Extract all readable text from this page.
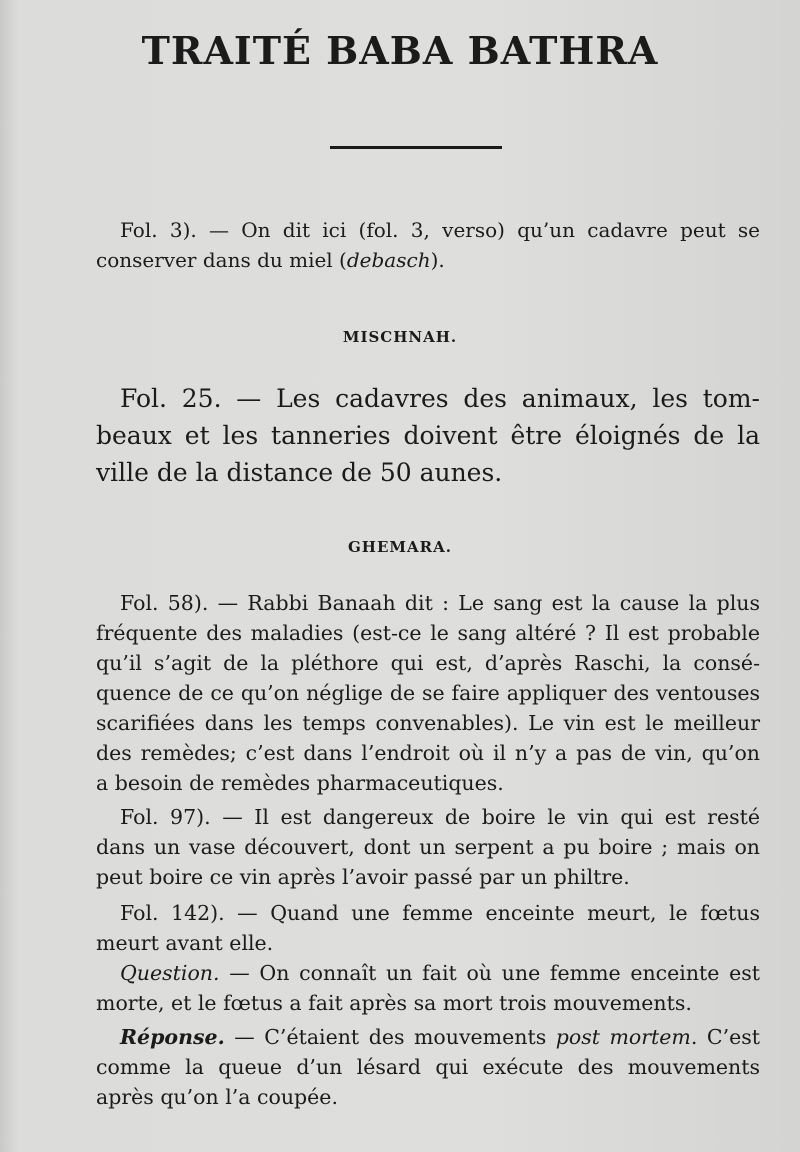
TRAITÉ BABA BATHRA
Fol. 3). — On dit ici (fol. 3, verso) qu’un cadavre peut se
conserver dans du miel (debasch).
MISCHNAH.
Fol. 25. — Les cadavres des animaux, les tom-
beaux et les tanneries doivent être éloignés de la
ville de la distance de 50 aunes.
GHEMARA.
Fol. 58). — Rabbi Banaah dit : Le sang est la cause la plus
fréquente des maladies (est-ce le sang altéré ? Il est probable
qu’il s’agit de la pléthore qui est, d’après Raschi, la consé-
quence de ce qu’on néglige de se faire appliquer des ventouses
scarifiées dans les temps convenables). Le vin est le meilleur
des remèdes; c’est dans l’endroit où il n’y a pas de vin, qu’on
a besoin de remèdes pharmaceutiques.
Fol. 97). — Il est dangereux de boire le vin qui est resté
dans un vase découvert, dont un serpent a pu boire ; mais on
peut boire ce vin après l’avoir passé par un philtre.
Fol. 142). — Quand une femme enceinte meurt, le fœtus
meurt avant elle.
Question. — On connaît un fait où une femme enceinte est
morte, et le fœtus a fait après sa mort trois mouvements.
Réponse. — C’étaient des mouvements post mortem. C’est
comme la queue d’un lésard qui exécute des mouvements
après qu’on l’a coupée.
